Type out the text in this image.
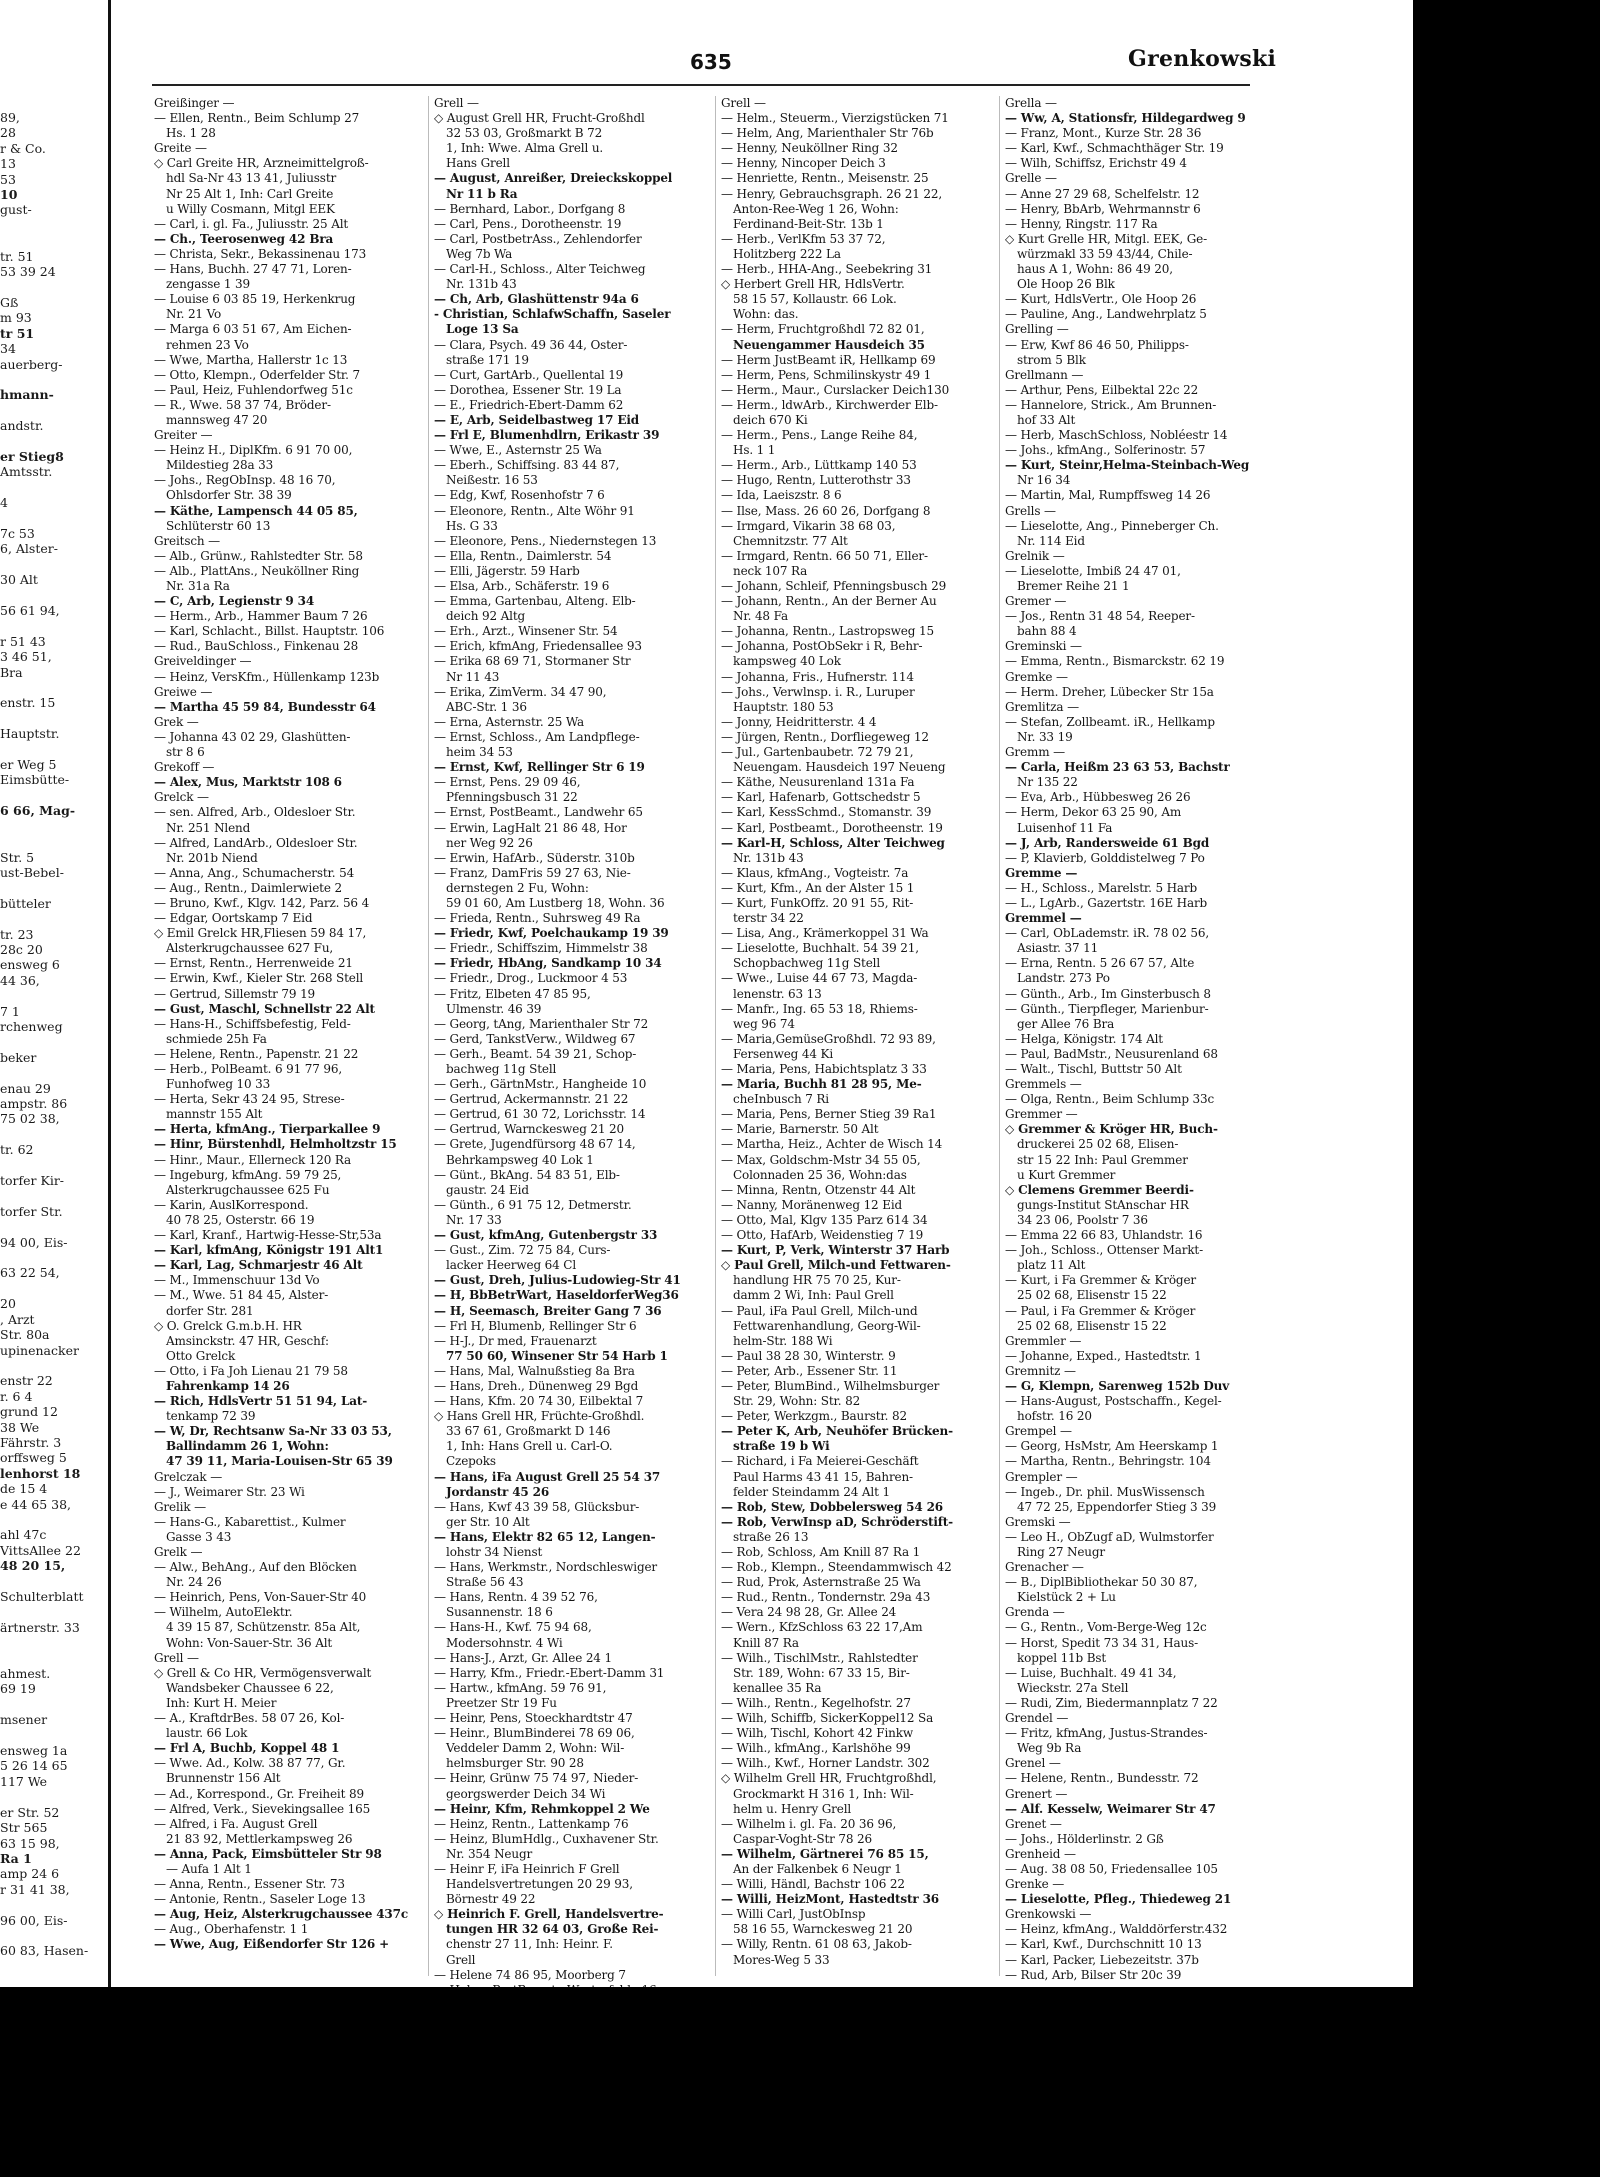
89,
28
r & Co.
13
53
10
gust-

tr. 51
53 39 24

Gß
m 93
tr 51
34
auerberg-

hmann-

andstr.

er Stieg8
Amtsstr.

4

7c 53
6, Alster-

30 Alt

56 61 94,

r 51 43
3 46 51,
Bra

enstr. 15

Hauptstr.

er Weg 5
Eimsbütte-

6 66, Mag-

Str. 5
ust-Bebel-

bütteler

tr. 23
28c 20
ensweg 6
44 36,

7 1
rchenweg

beker

enau 29
ampstr. 86
75 02 38,

tr. 62

torfer Kir-

torfer Str.

94 00, Eis-

63 22 54,

20
, Arzt
Str. 80a
upinenacker

enstr 22
r. 6 4
grund 12
38 We
Fährstr. 3
orffsweg 5
lenhorst 18
de 15 4
e 44 65 38,

ahl 47c
VittsAllee 22
48 20 15,

Schulterblatt

ärtnerstr. 33

ahmest.
69 19

msener

ensweg 1a
5 26 14 65
117 We

er Str. 52
Str 565
63 15 98,
Ra 1
amp 24 6
r 31 41 38,

96 00, Eis-

60 83, Hasen-
635	Grenkowski
Greißinger —
— Ellen, Rentn., Beim Schlump 27
Hs. 1 28
Greite —
◇ Carl Greite HR, Arzneimittelgroß-
hdl Sa-Nr 43 13 41, Juliusstr
Nr 25 Alt 1, Inh: Carl Greite
u Willy Cosmann, Mitgl EEK
— Carl, i. gl. Fa., Juliusstr. 25 Alt
— Ch., Teerosenweg 42 Bra
— Christa, Sekr., Bekassinenau 173
— Hans, Buchh. 27 47 71, Loren-
zengasse 1 39
— Louise 6 03 85 19, Herkenkrug
Nr. 21 Vo
— Marga 6 03 51 67, Am Eichen-
rehmen 23 Vo
— Wwe, Martha, Hallerstr 1c 13
— Otto, Klempn., Oderfelder Str. 7
— Paul, Heiz, Fuhlendorfweg 51c
— R., Wwe. 58 37 74, Bröder-
mannsweg 47 20
Greiter —
— Heinz H., DiplKfm. 6 91 70 00,
Mildestieg 28a 33
— Johs., RegObInsp. 48 16 70,
Ohlsdorfer Str. 38 39
— Käthe, Lampensch 44 05 85,
Schlüterstr 60 13
Greitsch —
— Alb., Grünw., Rahlstedter Str. 58
— Alb., PlattAns., Neuköllner Ring
Nr. 31a Ra
— C, Arb, Legienstr 9 34
— Herm., Arb., Hammer Baum 7 26
— Karl, Schlacht., Billst. Hauptstr. 106
— Rud., BauSchloss., Finkenau 28
Greiveldinger —
— Heinz, VersKfm., Hüllenkamp 123b
Greiwe —
— Martha 45 59 84, Bundesstr 64
Grek —
— Johanna 43 02 29, Glashütten-
str 8 6
Grekoff —
— Alex, Mus, Marktstr 108 6
Grelck —
— sen. Alfred, Arb., Oldesloer Str.
Nr. 251 Nlend
— Alfred, LandArb., Oldesloer Str.
Nr. 201b Niend
— Anna, Ang., Schumacherstr. 54
— Aug., Rentn., Daimlerwiete 2
— Bruno, Kwf., Klgv. 142, Parz. 56 4
— Edgar, Oortskamp 7 Eid
◇ Emil Grelck HR,Fliesen 59 84 17,
Alsterkrugchaussee 627 Fu,
— Ernst, Rentn., Herrenweide 21
— Erwin, Kwf., Kieler Str. 268 Stell
— Gertrud, Sillemstr 79 19
— Gust, Maschl, Schnellstr 22 Alt
— Hans-H., Schiffsbefestig, Feld-
schmiede 25h Fa
— Helene, Rentn., Papenstr. 21 22
— Herb., PolBeamt. 6 91 77 96,
Funhofweg 10 33
— Herta, Sekr 43 24 95, Strese-
mannstr 155 Alt
— Herta, kfmAng., Tierparkallee 9
— Hinr, Bürstenhdl, Helmholtzstr 15
— Hinr., Maur., Ellerneck 120 Ra
— Ingeburg, kfmAng. 59 79 25,
Alsterkrugchaussee 625 Fu
— Karin, AuslKorrespond.
40 78 25, Osterstr. 66 19
— Karl, Kranf., Hartwig-Hesse-Str,53a
— Karl, kfmAng, Königstr 191 Alt1
— Karl, Lag, Schmarjestr 46 Alt
— M., Immenschuur 13d Vo
— M., Wwe. 51 84 45, Alster-
dorfer Str. 281
◇ O. Grelck G.m.b.H. HR
Amsinckstr. 47 HR, Geschf:
Otto Grelck
— Otto, i Fa Joh Lienau 21 79 58
Fahrenkamp 14 26
— Rich, HdlsVertr 51 51 94, Lat-
tenkamp 72 39
— W, Dr, Rechtsanw Sa-Nr 33 03 53,
Ballindamm 26 1, Wohn:
47 39 11, Maria-Louisen-Str 65 39
Grelczak —
— J., Weimarer Str. 23 Wi
Grelik —
— Hans-G., Kabarettist., Kulmer
Gasse 3 43
Grelk —
— Alw., BehAng., Auf den Blöcken
Nr. 24 26
— Heinrich, Pens, Von-Sauer-Str 40
— Wilhelm, AutoElektr.
4 39 15 87, Schützenstr. 85a Alt,
Wohn: Von-Sauer-Str. 36 Alt
Grell —
◇ Grell & Co HR, Vermögensverwalt
Wandsbeker Chaussee 6 22,
Inh: Kurt H. Meier
— A., KraftdrBes. 58 07 26, Kol-
laustr. 66 Lok
— Frl A, Buchb, Koppel 48 1
— Wwe. Ad., Kolw. 38 87 77, Gr.
Brunnenstr 156 Alt
— Ad., Korrespond., Gr. Freiheit 89
— Alfred, Verk., Sievekingsallee 165
— Alfred, i Fa. August Grell
21 83 92, Mettlerkampsweg 26
— Anna, Pack, Eimsbütteler Str 98
— Aufa 1 Alt 1
— Anna, Rentn., Essener Str. 73
— Antonie, Rentn., Saseler Loge 13
— Aug, Heiz, Alsterkrugchaussee 437c
— Aug., Oberhafenstr. 1 1
— Wwe, Aug, Eißendorfer Str 126 +
Grell —
◇ August Grell HR, Frucht-Großhdl
32 53 03, Großmarkt B 72
1, Inh: Wwe. Alma Grell u.
Hans Grell
— August, Anreißer, Dreieckskoppel
Nr 11 b Ra
— Bernhard, Labor., Dorfgang 8
— Carl, Pens., Dorotheenstr. 19
— Carl, PostbetrAss., Zehlendorfer
Weg 7b Wa
— Carl-H., Schloss., Alter Teichweg
Nr. 131b 43
— Ch, Arb, Glashüttenstr 94a 6
- Christian, SchlafwSchaffn, Saseler
Loge 13 Sa
— Clara, Psych. 49 36 44, Oster-
straße 171 19
— Curt, GartArb., Quellental 19
— Dorothea, Essener Str. 19 La
— E., Friedrich-Ebert-Damm 62
— E, Arb, Seidelbastweg 17 Eid
— Frl E, Blumenhdlrn, Erikastr 39
— Wwe, E., Asternstr 25 Wa
— Eberh., Schiffsing. 83 44 87,
Neißestr. 16 53
— Edg, Kwf, Rosenhofstr 7 6
— Eleonore, Rentn., Alte Wöhr 91
Hs. G 33
— Eleonore, Pens., Niedernstegen 13
— Ella, Rentn., Daimlerstr. 54
— Elli, Jägerstr. 59 Harb
— Elsa, Arb., Schäferstr. 19 6
— Emma, Gartenbau, Alteng. Elb-
deich 92 Altg
— Erh., Arzt., Winsener Str. 54
— Erich, kfmAng, Friedensallee 93
— Erika 68 69 71, Stormaner Str
Nr 11 43
— Erika, ZimVerm. 34 47 90,
ABC-Str. 1 36
— Erna, Asternstr. 25 Wa
— Ernst, Schloss., Am Landpflege-
heim 34 53
— Ernst, Kwf, Rellinger Str 6 19
— Ernst, Pens. 29 09 46,
Pfenningsbusch 31 22
— Ernst, PostBeamt., Landwehr 65
— Erwin, LagHalt 21 86 48, Hor
ner Weg 92 26
— Erwin, HafArb., Süderstr. 310b
— Franz, DamFris 59 27 63, Nie-
dernstegen 2 Fu, Wohn:
59 01 60, Am Lustberg 18, Wohn. 36
— Frieda, Rentn., Suhrsweg 49 Ra
— Friedr, Kwf, Poelchaukamp 19 39
— Friedr., Schiffszim, Himmelstr 38
— Friedr, HbAng, Sandkamp 10 34
— Friedr., Drog., Luckmoor 4 53
— Fritz, Elbeten 47 85 95,
Ulmenstr. 46 39
— Georg, tAng, Marienthaler Str 72
— Gerd, TankstVerw., Wildweg 67
— Gerh., Beamt. 54 39 21, Schop-
bachweg 11g Stell
— Gerh., GärtnMstr., Hangheide 10
— Gertrud, Ackermannstr. 21 22
— Gertrud, 61 30 72, Lorichsstr. 14
— Gertrud, Warnckesweg 21 20
— Grete, Jugendfürsorg 48 67 14,
Behrkampsweg 40 Lok 1
— Günt., BkAng. 54 83 51, Elb-
gaustr. 24 Eid
— Günth., 6 91 75 12, Detmerstr.
Nr. 17 33
— Gust, kfmAng, Gutenbergstr 33
— Gust., Zim. 72 75 84, Curs-
lacker Heerweg 64 Cl
— Gust, Dreh, Julius-Ludowieg-Str 41
— H, BbBetrWart, HaseldorferWeg36
— H, Seemasch, Breiter Gang 7 36
— Frl H, Blumenb, Rellinger Str 6
— H-J., Dr med, Frauenarzt
77 50 60, Winsener Str 54 Harb 1
— Hans, Mal, Walnußstieg 8a Bra
— Hans, Dreh., Dünenweg 29 Bgd
— Hans, Kfm. 20 74 30, Eilbektal 7
◇ Hans Grell HR, Früchte-Großhdl.
33 67 61, Großmarkt D 146
1, Inh: Hans Grell u. Carl-O.
Czepoks
— Hans, iFa August Grell 25 54 37
Jordanstr 45 26
— Hans, Kwf 43 39 58, Glücksbur-
ger Str. 10 Alt
— Hans, Elektr 82 65 12, Langen-
lohstr 34 Nienst
— Hans, Werkmstr., Nordschleswiger
Straße 56 43
— Hans, Rentn. 4 39 52 76,
Susannenstr. 18 6
— Hans-H., Kwf. 75 94 68,
Modersohnstr. 4 Wi
— Hans-J., Arzt, Gr. Allee 24 1
— Harry, Kfm., Friedr.-Ebert-Damm 31
— Hartw., kfmAng. 59 76 91,
Preetzer Str 19 Fu
— Heinr, Pens, Stoeckhardtstr 47
— Heinr., BlumBinderei 78 69 06,
Veddeler Damm 2, Wohn: Wil-
helmsburger Str. 90 28
— Heinr, Grünw 75 74 97, Nieder-
georgswerder Deich 34 Wi
— Heinr, Kfm, Rehmkoppel 2 We
— Heinz, Rentn., Lattenkamp 76
— Heinz, BlumHdlg., Cuxhavener Str.
Nr. 354 Neugr
— Heinr F, iFa Heinrich F Grell
Handelsvertretungen 20 29 93,
Börnestr 49 22
◇ Heinrich F. Grell, Handelsvertre-
tungen HR 32 64 03, Große Rei-
chenstr 27 11, Inh: Heinr. F.
Grell
— Helene 74 86 95, Moorberg 7
Grell —
— Helm., Steuerm., Vierzigstücken 71
— Helm, Ang, Marienthaler Str 76b
— Henny, Neuköllner Ring 32
— Henny, Nincoper Deich 3
— Henriette, Rentn., Meisenstr. 25
— Henry, Gebrauchsgraph. 26 21 22,
Anton-Ree-Weg 1 26, Wohn:
Ferdinand-Beit-Str. 13b 1
— Herb., VerlKfm 53 37 72,
Holitzberg 222 La
— Herb., HHA-Ang., Seebekring 31
◇ Herbert Grell HR, HdlsVertr.
58 15 57, Kollaustr. 66 Lok.
Wohn: das.
— Herm, Fruchtgroßhdl 72 82 01,
Neuengammer Hausdeich 35
— Herm JustBeamt iR, Hellkamp 69
— Herm, Pens, Schmilinskystr 49 1
— Herm., Maur., Curslacker Deich130
— Herm., ldwArb., Kirchwerder Elb-
deich 670 Ki
— Herm., Pens., Lange Reihe 84,
Hs. 1 1
— Herm., Arb., Lüttkamp 140 53
— Hugo, Rentn, Lutterothstr 33
— Ida, Laeiszstr. 8 6
— Ilse, Mass. 26 60 26, Dorfgang 8
— Irmgard, Vikarin 38 68 03,
Chemnitzstr. 77 Alt
— Irmgard, Rentn. 66 50 71, Eller-
neck 107 Ra
— Johann, Schleif, Pfenningsbusch 29
— Johann, Rentn., An der Berner Au
Nr. 48 Fa
— Johanna, Rentn., Lastropsweg 15
— Johanna, PostObSekr i R, Behr-
kampsweg 40 Lok
— Johanna, Fris., Hufnerstr. 114
— Johs., Verwlnsp. i. R., Luruper
Hauptstr. 180 53
— Jonny, Heidritterstr. 4 4
— Jürgen, Rentn., Dorfliegeweg 12
— Jul., Gartenbaubetr. 72 79 21,
Neuengam. Hausdeich 197 Neueng
— Käthe, Neusurenland 131a Fa
— Karl, Hafenarb, Gottschedstr 5
— Karl, KessSchmd., Stomanstr. 39
— Karl, Postbeamt., Dorotheenstr. 19
— Karl-H, Schloss, Alter Teichweg
Nr. 131b 43
— Klaus, kfmAng., Vogteistr. 7a
— Kurt, Kfm., An der Alster 15 1
— Kurt, FunkOffz. 20 91 55, Rit-
terstr 34 22
— Lisa, Ang., Krämerkoppel 31 Wa
— Lieselotte, Buchhalt. 54 39 21,
Schopbachweg 11g Stell
— Wwe., Luise 44 67 73, Magda-
lenenstr. 63 13
— Manfr., Ing. 65 53 18, Rhiems-
weg 96 74
— Maria,GemüseGroßhdl. 72 93 89,
Fersenweg 44 Ki
— Maria, Pens, Habichtsplatz 3 33
— Maria, Buchh 81 28 95, Me-
cheInbusch 7 Ri
— Maria, Pens, Berner Stieg 39 Ra1
— Marie, Barnerstr. 50 Alt
— Martha, Heiz., Achter de Wisch 14
— Max, Goldschm-Mstr 34 55 05,
Colonnaden 25 36, Wohn:das
— Minna, Rentn, Otzenstr 44 Alt
— Nanny, Moränenweg 12 Eid
— Otto, Mal, Klgv 135 Parz 614 34
— Otto, HafArb, Weidenstieg 7 19
— Kurt, P, Verk, Winterstr 37 Harb
◇ Paul Grell, Milch-und Fettwaren-
handlung HR 75 70 25, Kur-
damm 2 Wi, Inh: Paul Grell
— Paul, iFa Paul Grell, Milch-und
Fettwarenhandlung, Georg-Wil-
helm-Str. 188 Wi
— Paul 38 28 30, Winterstr. 9
— Peter, Arb., Essener Str. 11
— Peter, BlumBind., Wilhelmsburger
Str. 29, Wohn: Str. 82
— Peter, Werkzgm., Baurstr. 82
— Peter K, Arb, Neuhöfer Brücken-
straße 19 b Wi
— Richard, i Fa Meierei-Geschäft
Paul Harms 43 41 15, Bahren-
felder Steindamm 24 Alt 1
— Rob, Stew, Dobbelersweg 54 26
— Rob, VerwInsp aD, Schröderstift-
straße 26 13
— Rob, Schloss, Am Knill 87 Ra 1
— Rob., Klempn., Steendammwisch 42
— Rud, Prok, Asternstraße 25 Wa
— Rud., Rentn., Tondernstr. 29a 43
— Vera 24 98 28, Gr. Allee 24
— Wern., KfzSchloss 63 22 17,Am
Knill 87 Ra
— Wilh., TischlMstr., Rahlstedter
Str. 189, Wohn: 67 33 15, Bir-
kenallee 35 Ra
— Wilh., Rentn., Kegelhofstr. 27
— Wilh, Schiffb, SickerKoppel12 Sa
— Wilh, Tischl, Kohort 42 Finkw
— Wilh., kfmAng., Karlshöhe 99
— Wilh., Kwf., Horner Landstr. 302
◇ Wilhelm Grell HR, Fruchtgroßhdl,
Grockmarkt H 316 1, Inh: Wil-
helm u. Henry Grell
— Wilhelm i. gl. Fa. 20 36 96,
Caspar-Voght-Str 78 26
— Wilhelm, Gärtnerei 76 85 15,
An der Falkenbek 6 Neugr 1
— Willi, Händl, Bachstr 106 22
— Willi, HeizMont, Hastedtstr 36
— Willi Carl, JustObInsp
58 16 55, Warnckesweg 21 20
— Willy, Rentn. 61 08 63, Jakob-
Mores-Weg 5 33
Grella —
— Ww, A, Stationsfr, Hildegardweg 9
— Franz, Mont., Kurze Str. 28 36
— Karl, Kwf., Schmachthäger Str. 19
— Wilh, Schiffsz, Erichstr 49 4
Grelle —
— Anne 27 29 68, Schelfelstr. 12
— Henry, BbArb, Wehrmannstr 6
— Henny, Ringstr. 117 Ra
◇ Kurt Grelle HR, Mitgl. EEK, Ge-
würzmakl 33 59 43/44, Chile-
haus A 1, Wohn: 86 49 20,
Ole Hoop 26 Blk
— Kurt, HdlsVertr., Ole Hoop 26
— Pauline, Ang., Landwehrplatz 5
Grelling —
— Erw, Kwf 86 46 50, Philipps-
strom 5 Blk
Grellmann —
— Arthur, Pens, Eilbektal 22c 22
— Hannelore, Strick., Am Brunnen-
hof 33 Alt
— Herb, MaschSchloss, Nobléestr 14
— Johs., kfmAng., Solferinostr. 57
— Kurt, Steinr,Helma-Steinbach-Weg
Nr 16 34
— Martin, Mal, Rumpffsweg 14 26
Grells —
— Lieselotte, Ang., Pinneberger Ch.
Nr. 114 Eid
Grelnik —
— Lieselotte, Imbiß 24 47 01,
Bremer Reihe 21 1
Gremer —
— Jos., Rentn 31 48 54, Reeper-
bahn 88 4
Greminski —
— Emma, Rentn., Bismarckstr. 62 19
Gremke —
— Herm. Dreher, Lübecker Str 15a
Gremlitza —
— Stefan, Zollbeamt. iR., Hellkamp
Nr. 33 19
Gremm —
— Carla, Heißm 23 63 53, Bachstr
Nr 135 22
— Eva, Arb., Hübbesweg 26 26
— Herm, Dekor 63 25 90, Am
Luisenhof 11 Fa
— J, Arb, Randersweide 61 Bgd
— P, Klavierb, Golddistelweg 7 Po
Gremme —
— H., Schloss., Marelstr. 5 Harb
— L., LgArb., Gazertstr. 16E Harb
Gremmel —
— Carl, ObLademstr. iR. 78 02 56,
Asiastr. 37 11
— Erna, Rentn. 5 26 67 57, Alte
Landstr. 273 Po
— Günth., Arb., Im Ginsterbusch 8
— Günth., Tierpfleger, Marienbur-
ger Allee 76 Bra
— Helga, Königstr. 174 Alt
— Paul, BadMstr., Neusurenland 68
— Walt., Tischl, Buttstr 50 Alt
Gremmels —
— Olga, Rentn., Beim Schlump 33c
Gremmer —
◇ Gremmer & Kröger HR, Buch-
druckerei 25 02 68, Elisen-
str 15 22 Inh: Paul Gremmer
u Kurt Gremmer
◇ Clemens Gremmer Beerdi-
gungs-Institut StAnschar HR
34 23 06, Poolstr 7 36
— Emma 22 66 83, Uhlandstr. 16
— Joh., Schloss., Ottenser Markt-
platz 11 Alt
— Kurt, i Fa Gremmer & Kröger
25 02 68, Elisenstr 15 22
— Paul, i Fa Gremmer & Kröger
25 02 68, Elisenstr 15 22
Gremmler —
— Johanne, Exped., Hastedtstr. 1
Gremnitz —
— G, Klempn, Sarenweg 152b Duv
— Hans-August, Postschaffn., Kegel-
hofstr. 16 20
Grempel —
— Georg, HsMstr, Am Heerskamp 1
— Martha, Rentn., Behringstr. 104
Grempler —
— Ingeb., Dr. phil. MusWissensch
47 72 25, Eppendorfer Stieg 3 39
Gremski —
— Leo H., ObZugf aD, Wulmstorfer
Ring 27 Neugr
Grenacher —
— B., DiplBibliothekar 50 30 87,
Kielstück 2 + Lu
Grenda —
— G., Rentn., Vom-Berge-Weg 12c
— Horst, Spedit 73 34 31, Haus-
koppel 11b Bst
— Luise, Buchhalt. 49 41 34,
Wieckstr. 27a Stell
— Rudi, Zim, Biedermannplatz 7 22
Grendel —
— Fritz, kfmAng, Justus-Strandes-
Weg 9b Ra
Grenel —
— Helene, Rentn., Bundesstr. 72
Grenert —
— Alf. Kesselw, Weimarer Str 47
Grenet —
— Johs., Hölderlinstr. 2 Gß
Grenheid —
— Aug. 38 08 50, Friedensallee 105
Grenke —
— Lieselotte, Pfleg., Thiedeweg 21
Grenkowski —
— Heinz, kfmAng., Walddörferstr.432
— Karl, Kwf., Durchschnitt 10 13
— Karl, Packer, Liebezeitstr. 37b
— Rud, Arb, Bilser Str 20c 39
